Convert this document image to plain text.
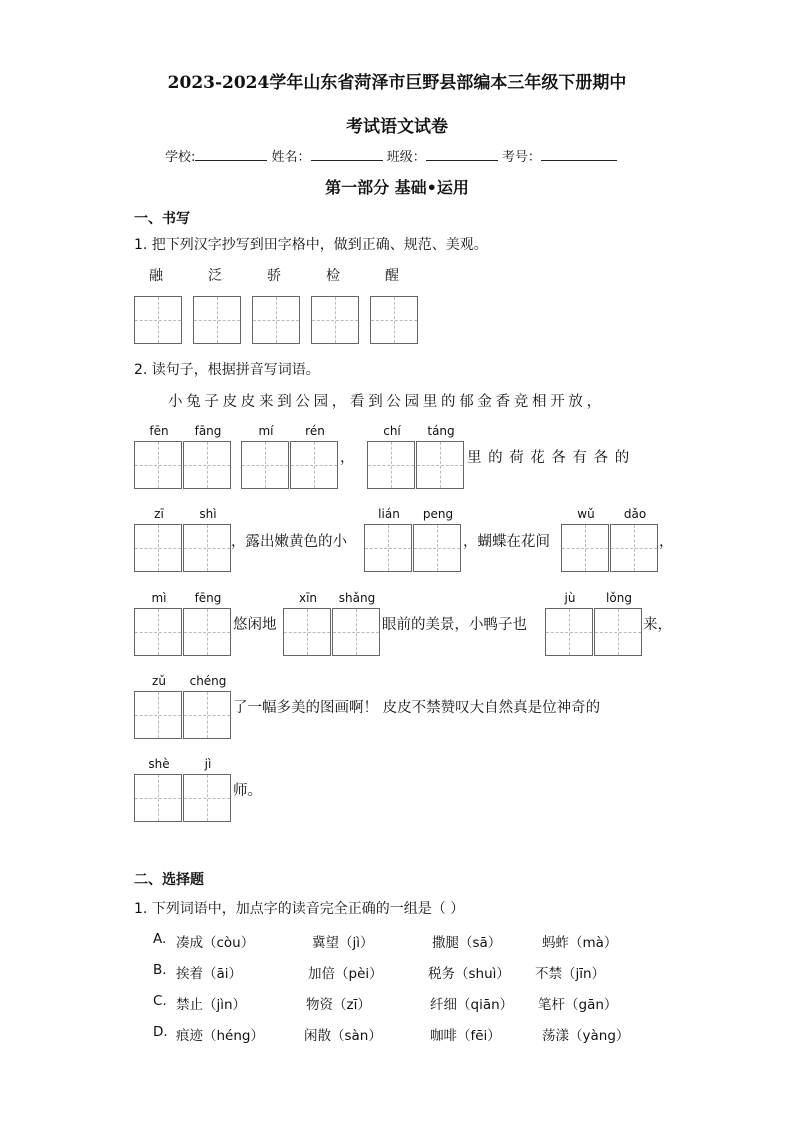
2023-2024学年山东省菏泽市巨野县部编本三年级下册期中
考试语文试卷
学校:	姓名：	班级：	考号：
第一部分 基础•运用
一、书写
1. 把下列汉字抄写到田字格中，做到正确、规范、美观。
融	泛	骄	检	醒
2. 读句子，根据拼音写词语。
小兔子皮皮来到公园，看到公园里的郁金香竞相开放，
fēn	fāng	mí	rén
，
chí	táng
里 的 荷 花 各 有 各 的
zī	shì
，露出嫩黄色的小
lián	peng
，蝴蝶在花间
wǔ	dǎo
，
mì	fēng
悠闲地
xīn	shǎng
眼前的美景，小鸭子也
jù	lǒng
来，
zǔ	chéng
了一幅多美的图画啊！ 皮皮不禁赞叹大自然真是位神奇的
shè	jì
师。
二、选择题
1. 下列词语中，加点字的读音完全正确的一组是（ ）
A. 凑成（còu）	冀望（jì）	撒腿（sā）	蚂蚱（mà）
B. 挨着（āi）	加倍（pèi）	税务（shuì） 不禁（jīn）
C. 禁止（jìn）	物资（zī）	纤细（qiān） 笔杆（gān）
D. 痕迹（héng）	闲散（sàn）	咖啡（fēi）	荡漾（yàng）
